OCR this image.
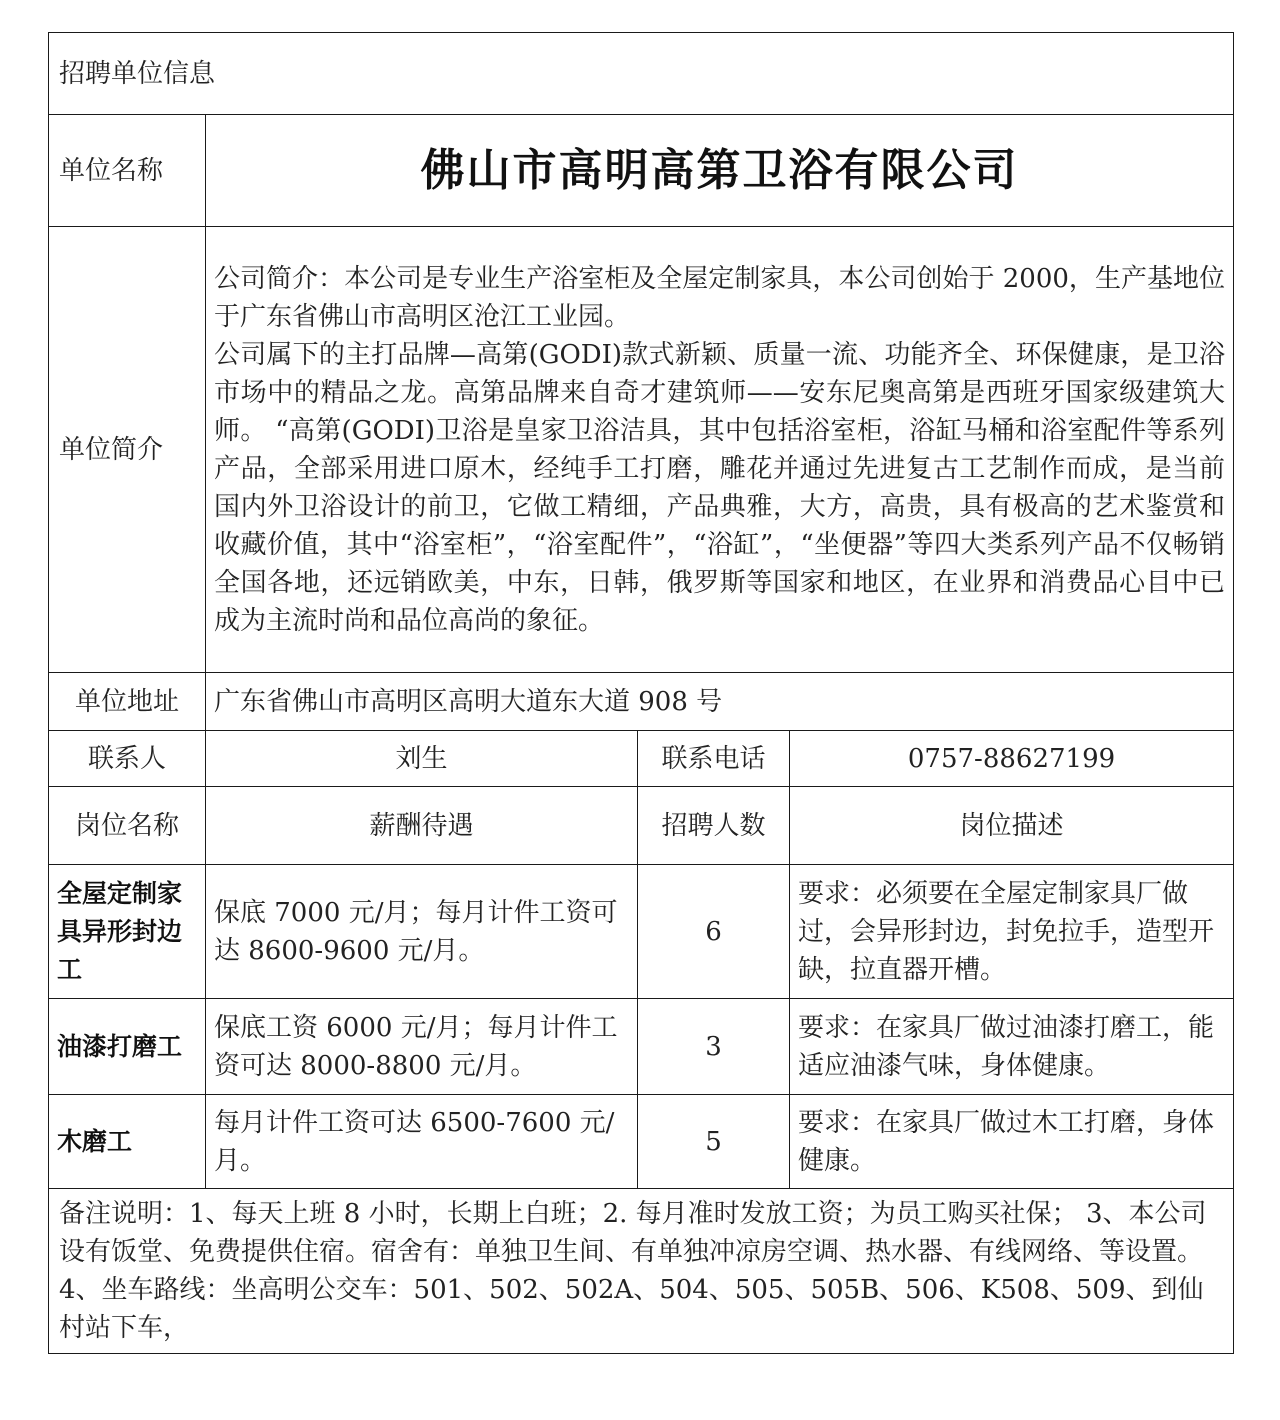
招聘单位信息			
单位名称	佛山市高明高第卫浴有限公司		
单位简介	公司简介：本公司是专业生产浴室柜及全屋定制家具，本公司创始于 2000，生产基地位于广东省佛山市高明区沧江工业园。

公司属下的主打品牌—高第(GODI)款式新颖、质量一流、功能齐全、环保健康，是卫浴市场中的精品之龙。高第品牌来自奇才建筑师——安东尼奥高第是西班牙国家级建筑大师。 “高第(GODI)卫浴是皇家卫浴洁具，其中包括浴室柜，浴缸马桶和浴室配件等系列产品，全部采用进口原木，经纯手工打磨，雕花并通过先进复古工艺制作而成，是当前国内外卫浴设计的前卫，它做工精细，产品典雅，大方，高贵，具有极高的艺术鉴赏和收藏价值，其中“浴室柜”，“浴室配件”，“浴缸”，“坐便器”等四大类系列产品不仅畅销全国各地，还远销欧美，中东，日韩，俄罗斯等国家和地区，在业界和消费品心目中已成为主流时尚和品位高尚的象征。		

单位地址	广东省佛山市高明区高明大道东大道 908 号		
联系人	刘生	联系电话	0757-88627199
岗位名称	薪酬待遇	招聘人数	岗位描述
全屋定制家具异形封边工	保底 7000 元/月；每月计件工资可达 8600-9600 元/月。	6	要求：必须要在全屋定制家具厂做过，会异形封边，封免拉手，造型开缺，拉直器开槽。
油漆打磨工	保底工资 6000 元/月；每月计件工资可达 8000-8800 元/月。	3	要求：在家具厂做过油漆打磨工，能适应油漆气味，身体健康。
木磨工	每月计件工资可达 6500-7600 元/月。	5	要求：在家具厂做过木工打磨，身体健康。

备注说明：1、每天上班 8 小时，长期上白班；2. 每月准时发放工资；为员工购买社保； 3、本公司设有饭堂、免费提供住宿。宿舍有：单独卫生间、有单独冲凉房空调、热水器、有线网络、等设置。

4、坐车路线：坐高明公交车：501、502、502A、504、505、505B、506、K508、509、到仙村站下车，			
